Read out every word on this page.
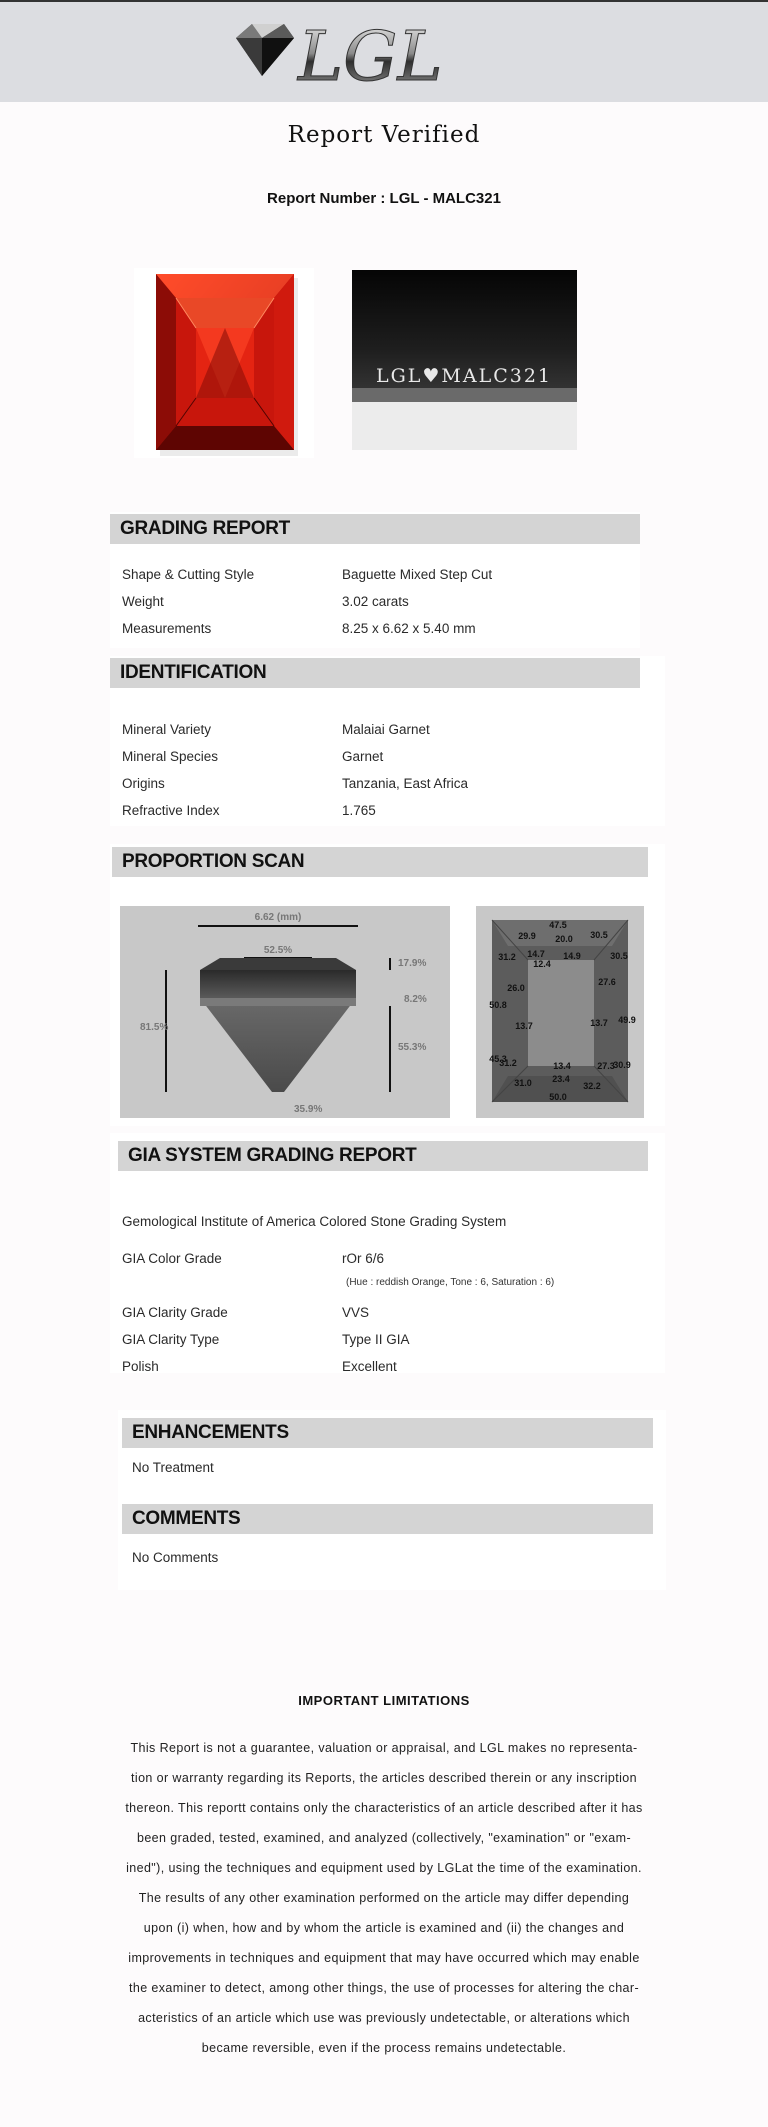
LGL
Report Verified
Report Number : LGL - MALC321
LGL♥MALC321
GRADING REPORT
Shape & Cutting Style	Baguette Mixed Step Cut
Weight	3.02 carats
Measurements	8.25 x 6.62 x 5.40 mm
IDENTIFICATION
Mineral Variety	Malaiai Garnet
Mineral Species	Garnet
Origins	Tanzania, East Africa
Refractive Index	1.765
PROPORTION SCAN
6.62 (mm)
52.5%
81.5%
17.9%
8.2%
55.3%
35.9%
47.5
29.9 20.0 30.5
31.2 14.7
12.4
14.9	30.5
26.0
27.6
50.8
13.7	13.7 49.9
45.3
31.2	13.4	27.3
30.9
23.4
31.0	32.2
50.0
GIA SYSTEM GRADING REPORT
Gemological Institute of America Colored Stone Grading System
GIA Color Grade	rOr 6/6
(Hue : reddish Orange, Tone : 6, Saturation : 6)
GIA Clarity Grade	VVS
GIA Clarity Type	Type II GIA
Polish	Excellent
ENHANCEMENTS
No Treatment
COMMENTS
No Comments
IMPORTANT LIMITATIONS
This Report is not a guarantee, valuation or appraisal, and LGL makes no representa-
tion or warranty regarding its Reports, the articles described therein or any inscription
thereon. This reportt contains only the characteristics of an article described after it has
been graded, tested, examined, and analyzed (collectively, "examination" or "exam-
ined"), using the techniques and equipment used by LGLat the time of the examination.
The results of any other examination performed on the article may differ depending
upon (i) when, how and by whom the article is examined and (ii) the changes and
improvements in techniques and equipment that may have occurred which may enable
the examiner to detect, among other things, the use of processes for altering the char-
acteristics of an article which use was previously undetectable, or alterations which
became reversible, even if the process remains undetectable.
